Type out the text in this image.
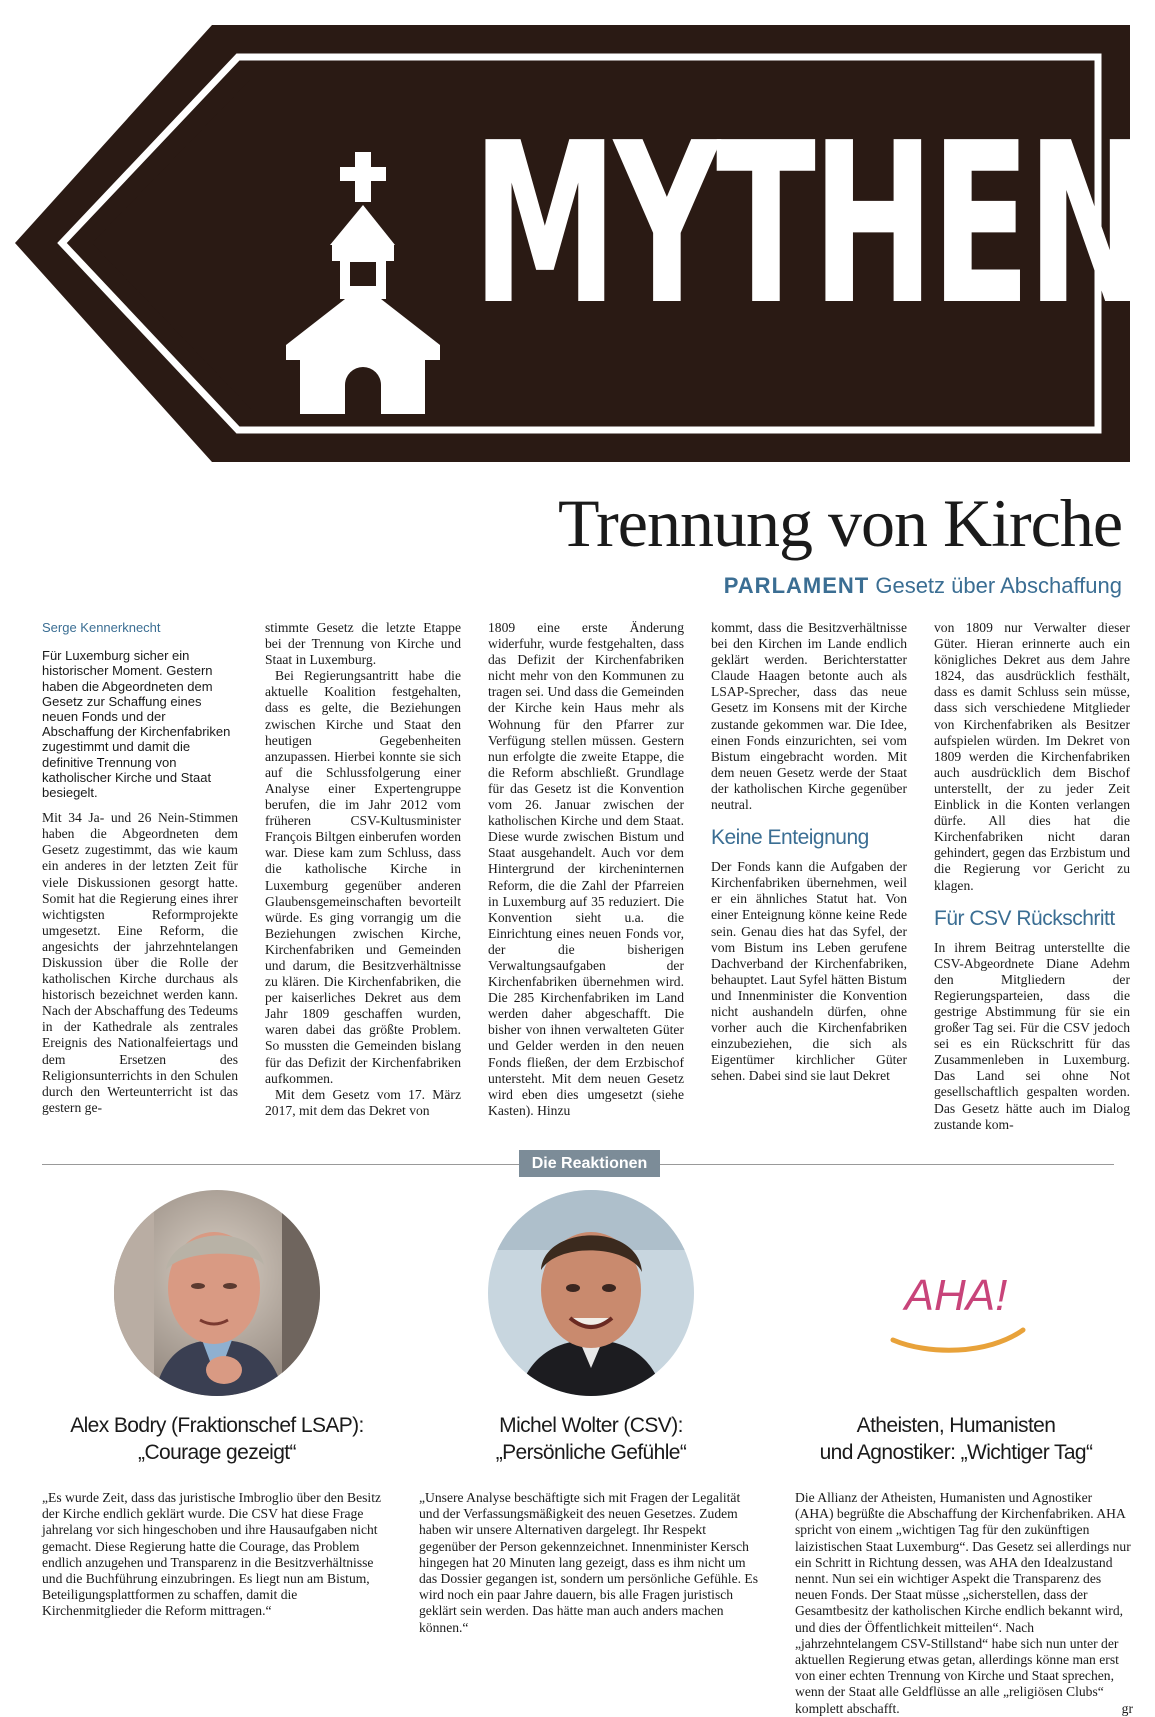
MYTHEN
Trennung von Kirche
PARLAMENT Gesetz über Abschaffung

Serge Kennerknecht

Für Luxemburg sicher ein historischer Moment. Gestern haben die Abgeordneten dem Gesetz zur Schaffung eines neuen Fonds und der Abschaffung der Kirchenfabriken zugestimmt und damit die definitive Trennung von katholischer Kirche und Staat besiegelt.

Mit 34 Ja- und 26 Nein-Stimmen haben die Abgeordneten dem Gesetz zugestimmt, das wie kaum ein anderes in der letzten Zeit für viele Diskussionen gesorgt hatte. Somit hat die Regierung eines ihrer wichtigsten Reformprojekte umgesetzt. Eine Reform, die angesichts der jahrzehntelangen Diskussion über die Rolle der katholischen Kirche durchaus als historisch bezeichnet werden kann. Nach der Abschaffung des Tedeums in der Kathedrale als zentrales Ereignis des Nationalfeiertags und dem Ersetzen des Religionsunterrichts in den Schulen durch den Werteunterricht ist das gestern ge-

stimmte Gesetz die letzte Etappe bei der Trennung von Kirche und Staat in Luxemburg.

Bei Regierungsantritt habe die aktuelle Koalition festgehalten, dass es gelte, die Beziehungen zwischen Kirche und Staat den heutigen Gegebenheiten anzupassen. Hierbei konnte sie sich auf die Schlussfolgerung einer Analyse einer Expertengruppe berufen, die im Jahr 2012 vom früheren CSV-Kultusminister François Biltgen einberufen worden war. Diese kam zum Schluss, dass die katholische Kirche in Luxemburg gegenüber anderen Glaubensgemeinschaften bevorteilt würde. Es ging vorrangig um die Beziehungen zwischen Kirche, Kirchenfabriken und Gemeinden und darum, die Besitzverhältnisse zu klären. Die Kirchenfabriken, die per kaiserliches Dekret aus dem Jahr 1809 geschaffen wurden, waren dabei das größte Problem. So mussten die Gemeinden bislang für das Defizit der Kirchenfabriken aufkommen.

Mit dem Gesetz vom 17. März 2017, mit dem das Dekret von

1809 eine erste Änderung widerfuhr, wurde festgehalten, dass das Defizit der Kirchenfabriken nicht mehr von den Kommunen zu tragen sei. Und dass die Gemeinden der Kirche kein Haus mehr als Wohnung für den Pfarrer zur Verfügung stellen müssen. Gestern nun erfolgte die zweite Etappe, die die Reform abschließt. Grundlage für das Gesetz ist die Konvention vom 26. Januar zwischen der katholischen Kirche und dem Staat. Diese wurde zwischen Bistum und Staat ausgehandelt. Auch vor dem Hintergrund der kircheninternen Reform, die die Zahl der Pfarreien in Luxemburg auf 35 reduziert. Die Konvention sieht u.a. die Einrichtung eines neuen Fonds vor, der die bisherigen Verwaltungsaufgaben der Kirchenfabriken übernehmen wird. Die 285 Kirchenfabriken im Land werden daher abgeschafft. Die bisher von ihnen verwalteten Güter und Gelder werden in den neuen Fonds fließen, der dem Erzbischof untersteht. Mit dem neuen Gesetz wird eben dies umgesetzt (siehe Kasten). Hinzu

kommt, dass die Besitzverhältnisse bei den Kirchen im Lande endlich geklärt werden. Berichterstatter Claude Haagen betonte auch als LSAP-Sprecher, dass das neue Gesetz im Konsens mit der Kirche zustande gekommen war. Die Idee, einen Fonds einzurichten, sei vom Bistum eingebracht worden. Mit dem neuen Gesetz werde der Staat der katholischen Kirche gegenüber neutral.

Keine Enteignung

Der Fonds kann die Aufgaben der Kirchenfabriken übernehmen, weil er ein ähnliches Statut hat. Von einer Enteignung könne keine Rede sein. Genau dies hat das Syfel, der vom Bistum ins Leben gerufene Dachverband der Kirchenfabriken, behauptet. Laut Syfel hätten Bistum und Innenminister die Konvention nicht aushandeln dürfen, ohne vorher auch die Kirchenfabriken einzubeziehen, die sich als Eigentümer kirchlicher Güter sehen. Dabei sind sie laut Dekret

von 1809 nur Verwalter dieser Güter. Hieran erinnerte auch ein königliches Dekret aus dem Jahre 1824, das ausdrücklich festhält, dass es damit Schluss sein müsse, dass sich verschiedene Mitglieder von Kirchenfabriken als Besitzer aufspielen würden. Im Dekret von 1809 werden die Kirchenfabriken auch ausdrücklich dem Bischof unterstellt, der zu jeder Zeit Einblick in die Konten verlangen dürfe. All dies hat die Kirchenfabriken nicht daran gehindert, gegen das Erzbistum und die Regierung vor Gericht zu klagen.

Für CSV Rückschritt

In ihrem Beitrag unterstellte die CSV-Abgeordnete Diane Adehm den Mitgliedern der Regierungsparteien, dass die gestrige Abstimmung für sie ein großer Tag sei. Für die CSV jedoch sei es ein Rückschritt für das Zusammenleben in Luxemburg. Das Land sei ohne Not gesellschaftlich gespalten worden. Das Gesetz hätte auch im Dialog zustande kom-

Die Reaktionen
AHA!
Alex Bodry (Fraktionschef LSAP):
„Courage gezeigt“
Michel Wolter (CSV):
„Persönliche Gefühle“
Atheisten, Humanisten
und Agnostiker: „Wichtiger Tag“
„Es wurde Zeit, dass das juristische Imbroglio über den Besitz der Kirche endlich geklärt wurde. Die CSV hat diese Frage jahrelang vor sich hingeschoben und ihre Hausaufgaben nicht gemacht. Diese Regierung hatte die Courage, das Problem endlich anzugehen und Transparenz in die Besitzverhältnisse und die Buchführung einzubringen. Es liegt nun am Bistum, Beteiligungsplattformen zu schaffen, damit die Kirchenmitglieder die Reform mittragen.“
„Unsere Analyse beschäftigte sich mit Fragen der Legalität und der Verfassungsmäßigkeit des neuen Gesetzes. Zudem haben wir unsere Alternativen dargelegt. Ihr Respekt gegenüber der Person gekennzeichnet. Innenminister Kersch hingegen hat 20 Minuten lang gezeigt, dass es ihm nicht um das Dossier gegangen ist, sondern um persönliche Gefühle. Es wird noch ein paar Jahre dauern, bis alle Fragen juristisch geklärt sein werden. Das hätte man auch anders machen können.“
Die Allianz der Atheisten, Humanisten und Agnostiker (AHA) begrüßte die Abschaffung der Kirchenfabriken. AHA spricht von einem „wichtigen Tag für den zukünftigen laizistischen Staat Luxemburg“. Das Gesetz sei allerdings nur ein Schritt in Richtung dessen, was AHA den Idealzustand nennt. Nun sei ein wichtiger Aspekt die Transparenz des neuen Fonds. Der Staat müsse „sicherstellen, dass der Gesamtbesitz der katholischen Kirche endlich bekannt wird, und dies der Öffentlichkeit mitteilen“. Nach „jahrzehntelangem CSV-Stillstand“ habe sich nun unter der aktuellen Regierung etwas getan, allerdings könne man erst von einer echten Trennung von Kirche und Staat sprechen, wenn der Staat alle Geldflüsse an alle „religiösen Clubs“ komplett abschafft.	gr
